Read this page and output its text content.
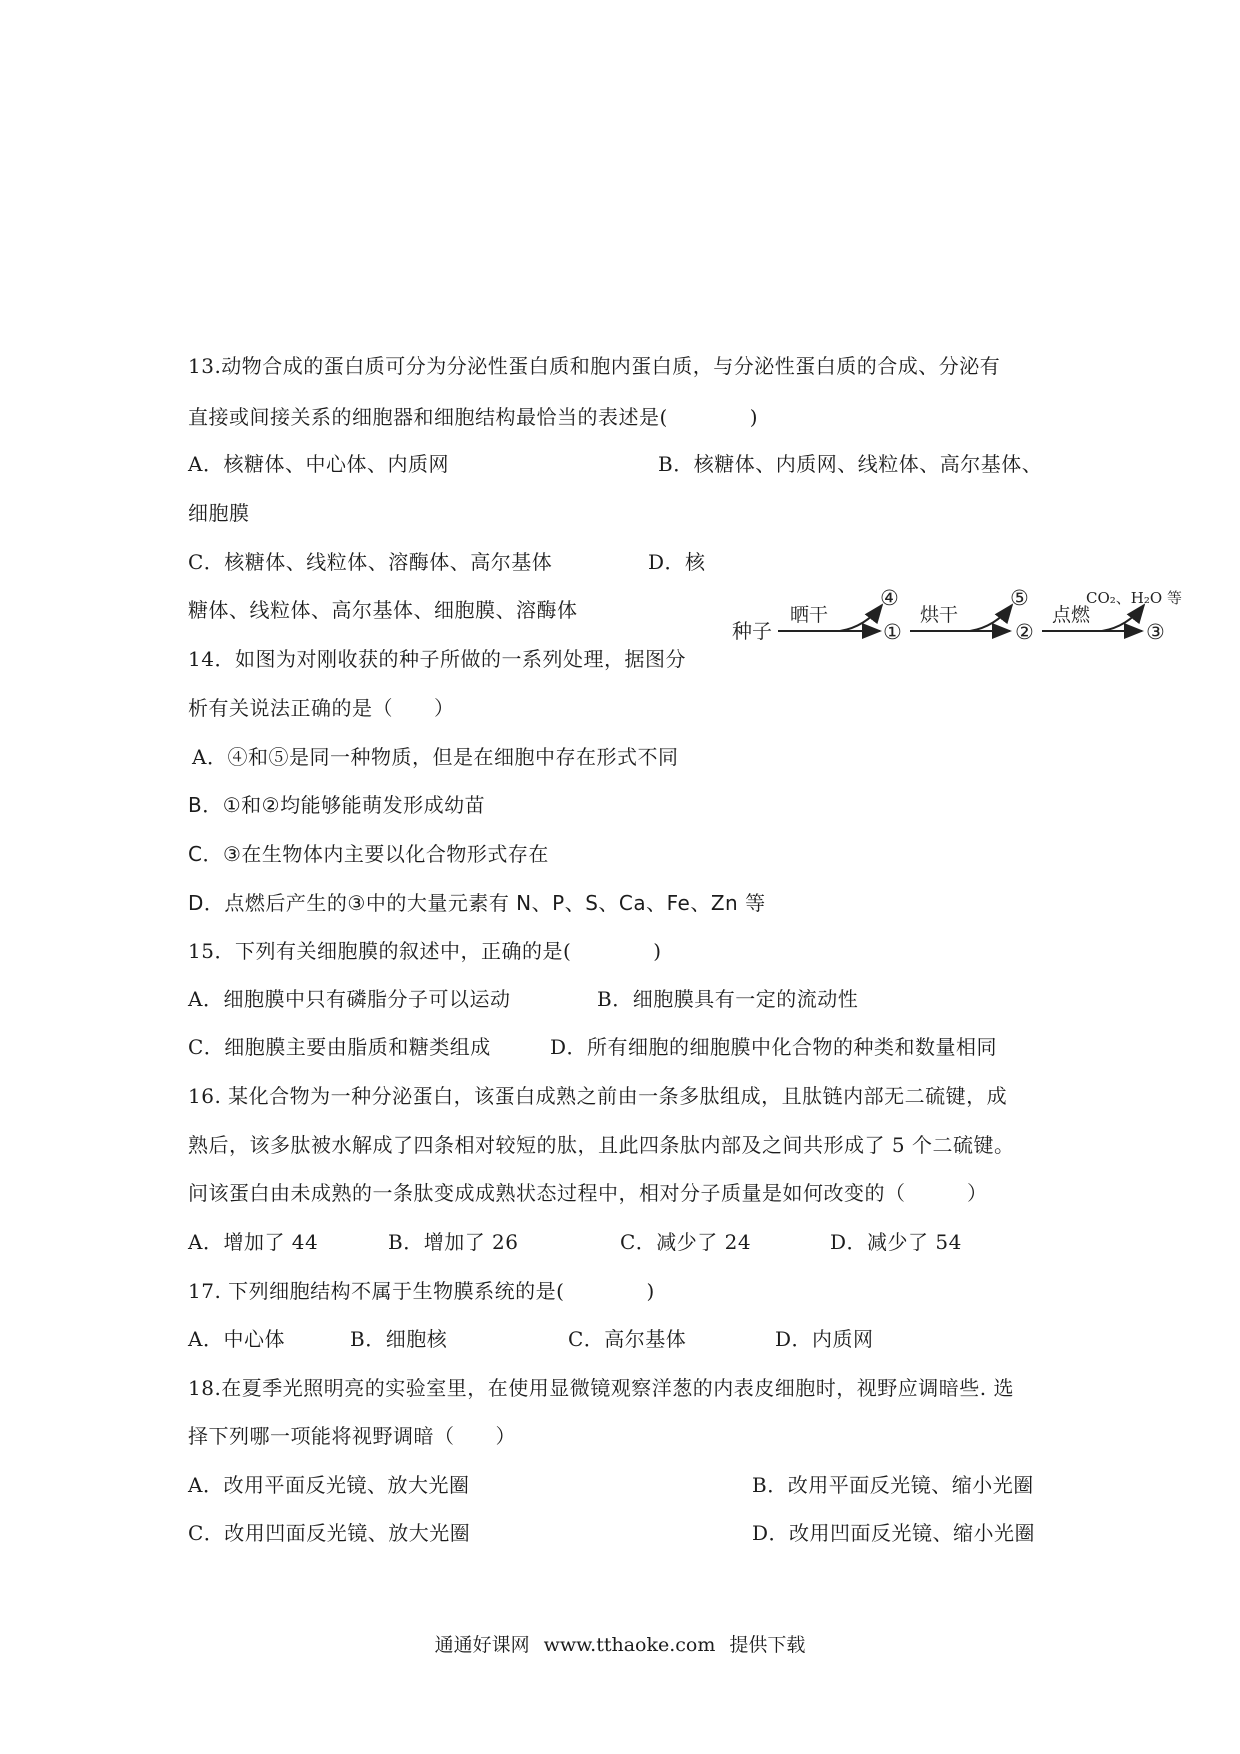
13.动物合成的蛋白质可分为分泌性蛋白质和胞内蛋白质，与分泌性蛋白质的合成、分泌有
直接或间接关系的细胞器和细胞结构最恰当的表述是(　　　　)
A．核糖体、中心体、内质网	B．核糖体、内质网、线粒体、高尔基体、
细胞膜
C．核糖体、线粒体、溶酶体、高尔基体	D．核
糖体、线粒体、高尔基体、细胞膜、溶酶体
种子
晒干
④
①
烘干
⑤
②
点燃
CO₂、H₂O 等
③
14．如图为对刚收获的种子所做的一系列处理，据图分
析有关说法正确的是（　　）
A．④和⑤是同一种物质，但是在细胞中存在形式不同
B．①和②均能够能萌发形成幼苗
C．③在生物体内主要以化合物形式存在
D．点燃后产生的③中的大量元素有 N、P、S、Ca、Fe、Zn 等
15．下列有关细胞膜的叙述中，正确的是(　　　　)
A．细胞膜中只有磷脂分子可以运动	B．细胞膜具有一定的流动性
C．细胞膜主要由脂质和糖类组成	D．所有细胞的细胞膜中化合物的种类和数量相同
16. 某化合物为一种分泌蛋白，该蛋白成熟之前由一条多肽组成，且肽链内部无二硫键，成
熟后，该多肽被水解成了四条相对较短的肽，且此四条肽内部及之间共形成了 5 个二硫键。
问该蛋白由未成熟的一条肽变成成熟状态过程中，相对分子质量是如何改变的（　　　）
A．增加了 44	B．增加了 26	C．减少了 24	D．减少了 54
17. 下列细胞结构不属于生物膜系统的是(　　　　)
A．中心体	B．细胞核	C．高尔基体	D．内质网
18.在夏季光照明亮的实验室里，在使用显微镜观察洋葱的内表皮细胞时，视野应调暗些. 选
择下列哪一项能将视野调暗（　　）
A．改用平面反光镜、放大光圈	B．改用平面反光镜、缩小光圈
C．改用凹面反光镜、放大光圈	D．改用凹面反光镜、缩小光圈
通通好课网 www.tthaoke.com 提供下载
